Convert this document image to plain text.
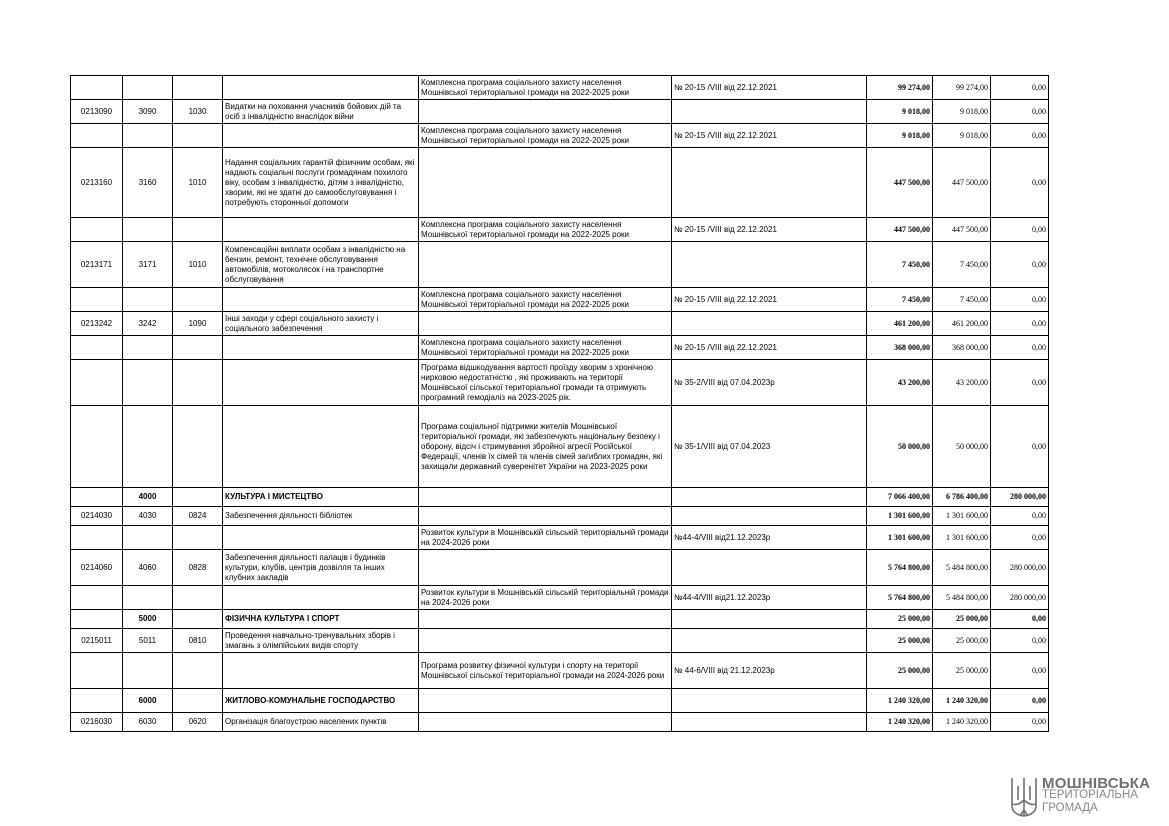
				Комплексна програма соціального захисту населення Мошнівської територіальної громади на 2022-2025 роки	№ 20-15 /VIII від 22.12.2021	99 274,00	99 274,00	0,00
0213090	3090	1030	Видатки на поховання учасників бойових дій та осіб з інвалідністю внаслідок війни			9 018,00	9 018,00	0,00
				Комплексна програма соціального захисту населення Мошнівської територіальної громади на 2022-2025 роки	№ 20-15 /VIII від 22.12.2021	9 018,00	9 018,00	0,00
0213160	3160	1010	Надання соціальних гарантій фізичним особам, які надають соціальні послуги громадянам похилого віку, особам з інвалідністю, дітям з інвалідністю, хворим, які не здатні до самообслуговування і потребують сторонньої допомоги			447 500,00	447 500,00	0,00
				Комплексна програма соціального захисту населення Мошнівської територіальної громади на 2022-2025 роки	№ 20-15 /VIII від 22.12.2021	447 500,00	447 500,00	0,00
0213171	3171	1010	Компенсаційні виплати особам з інвалідністю на бензин, ремонт, технічне обслуговування автомобілів, мотоколясок і на транспортне обслуговування			7 450,00	7 450,00	0,00
				Комплексна програма соціального захисту населення Мошнівської територіальної громади на 2022-2025 роки	№ 20-15 /VIII від 22.12.2021	7 450,00	7 450,00	0,00
0213242	3242	1090	Інші заходи у сфері соціального захисту і соціального забезпечення			461 200,00	461 200,00	0,00
				Комплексна програма соціального захисту населення Мошнівської територіальної громади на 2022-2025 роки	№ 20-15 /VIII від 22.12.2021	368 000,00	368 000,00	0,00
				Програма відшкодування вартості проїзду хворим з хронічною нирковою недостатністю , які проживають на території Мошнівської сільської територіальної громади та отримують програмний гемодіаліз на 2023-2025 рік.	№ 35-2/VIII від 07.04.2023р	43 200,00	43 200,00	0,00
				Програма соціальної підтримки жителів Мошнівської територіальної громади, які забезпечують національну безпеку і оборону, відсіч і стримування збройної агресії Російської Федерації, членів їх сімей та членів сімей загиблих громадян, які захищали державний суверенітет України на 2023-2025 роки	№ 35-1/VIII від 07.04.2023	50 000,00	50 000,00	0,00
	4000		КУЛЬТУРА І МИСТЕЦТВО			7 066 400,00	6 786 400,00	280 000,00
0214030	4030	0824	Забезпечення діяльності бібліотек			1 301 600,00	1 301 600,00	0,00
				Розвиток культури в Мошнівській сільській територіальній громади на 2024-2026 роки	№44-4/VIII від21.12.2023р	1 301 600,00	1 301 600,00	0,00
0214060	4060	0828	Забезпечення діяльності палаців i будинків культури, клубів, центрів дозвілля та iнших клубних закладів			5 764 800,00	5 484 800,00	280 000,00
				Розвиток культури в Мошнівській сільській територіальній громади на 2024-2026 роки	№44-4/VIII від21.12.2023р	5 764 800,00	5 484 800,00	280 000,00
	5000		ФІЗИЧНА КУЛЬТУРА І СПОРТ			25 000,00	25 000,00	0,00
0215011	5011	0810	Проведення навчально-тренувальних зборів і змагань з олімпійських видів спорту			25 000,00	25 000,00	0,00
				Програма розвитку фізичної культури і спорту на території Мошнівської сільської територіальної громади на 2024-2026 роки	№ 44-6/VIII від 21.12.2023р	25 000,00	25 000,00	0,00
	6000		ЖИТЛОВО-КОМУНАЛЬНЕ ГОСПОДАРСТВО			1 240 320,00	1 240 320,00	0,00
0216030	6030	0620	Організація благоустрою населених пунктів			1 240 320,00	1 240 320,00	0,00
МОШНІВСЬКА
ТЕРИТОРІАЛЬНА
ГРОМАДА
